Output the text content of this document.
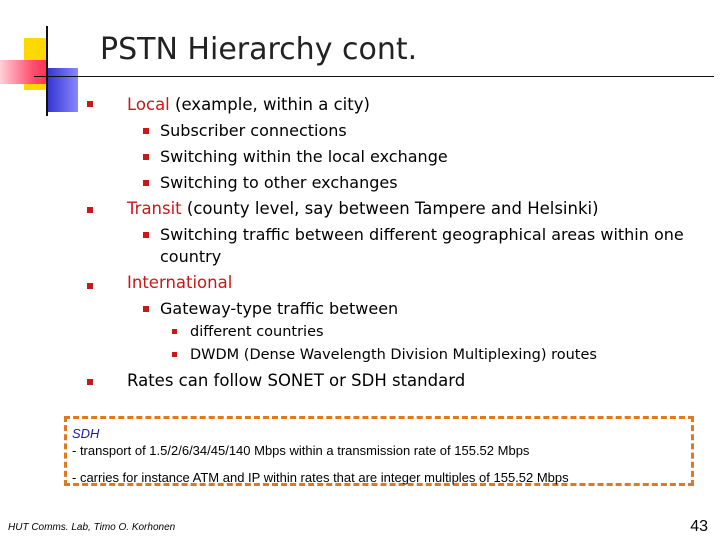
PSTN Hierarchy cont.
Local (example, within a city)
Subscriber connections
Switching within the local exchange
Switching to other exchanges
Transit (county level, say between Tampere and Helsinki)
Switching traffic between different geographical areas within one
country
International
Gateway-type traffic between
different countries
DWDM (Dense Wavelength Division Multiplexing) routes
Rates can follow SONET or SDH standard
SDH
- transport of 1.5/2/6/34/45/140 Mbps within a transmission rate of 155.52 Mbps
- carries for instance ATM and IP within rates that are integer multiples of 155.52 Mbps
HUT Comms. Lab, Timo O. Korhonen	43
